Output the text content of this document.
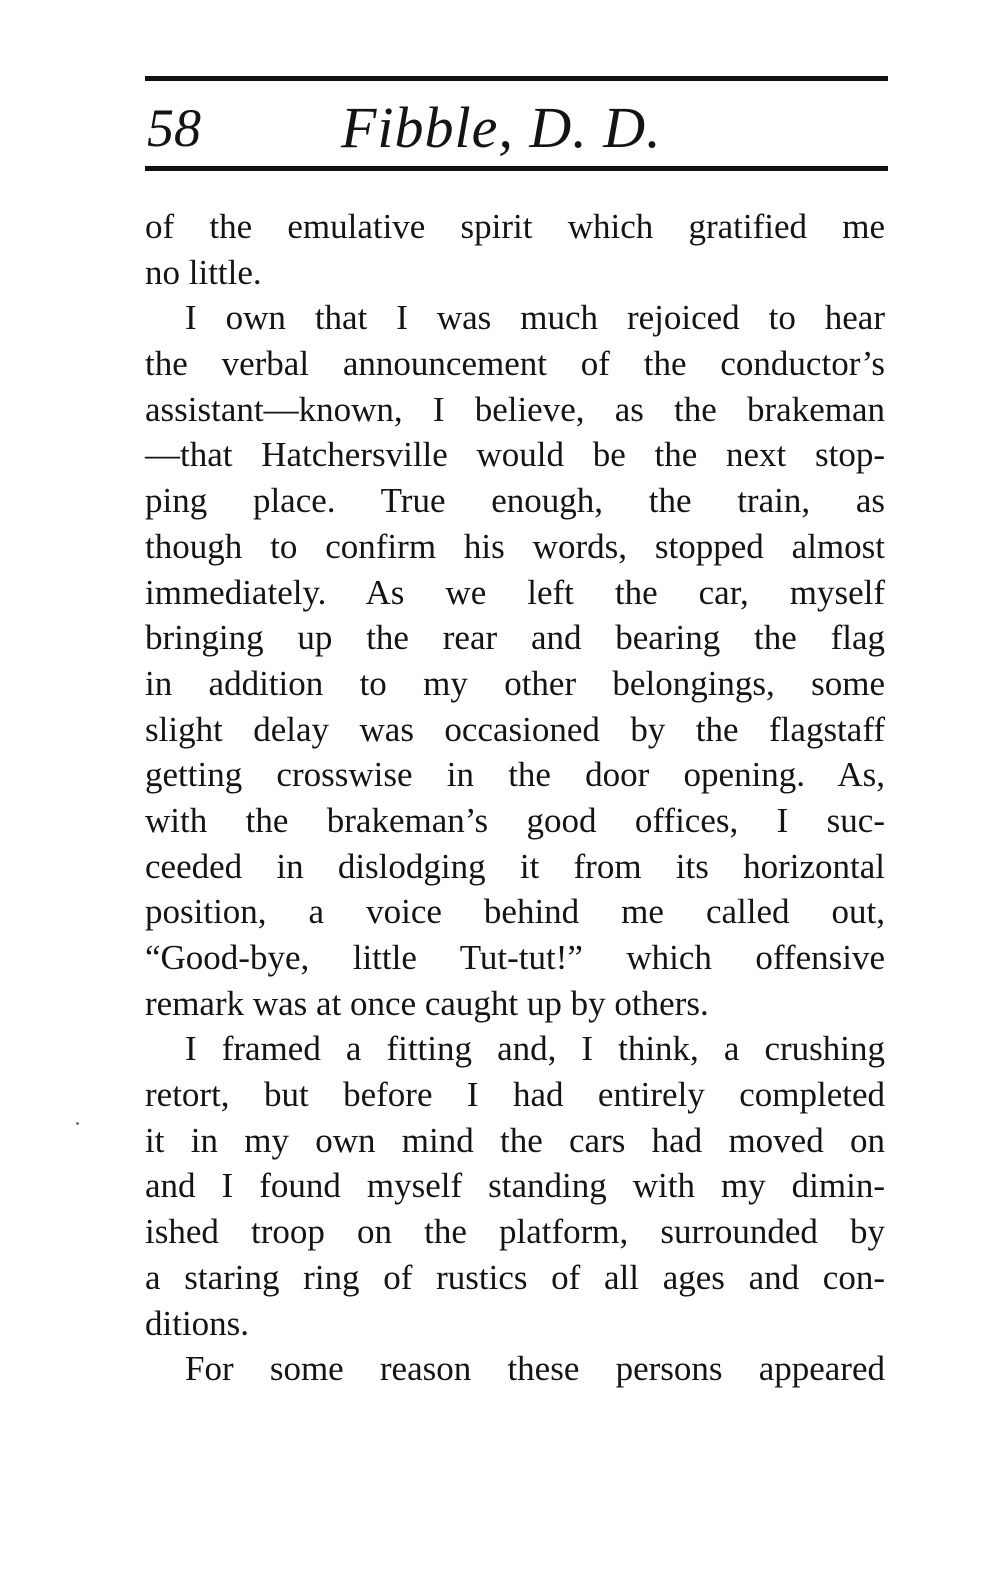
58 Fibble, D. D.

of the emulative spirit which gratified me
no little.

I own that I was much rejoiced to hear
the verbal announcement of the conductor’s
assistant—known, I believe, as the brakeman
—that Hatchersville would be the next stop-
ping place. True enough, the train, as
though to confirm his words, stopped almost
immediately. As we left the car, myself
bringing up the rear and bearing the flag
in addition to my other belongings, some
slight delay was occasioned by the flagstaff
getting crosswise in the door opening. As,
with the brakeman’s good offices, I suc-
ceeded in dislodging it from its horizontal
position, a voice behind me called out,
“Good-bye, little Tut-tut!” which offensive
remark was at once caught up by others.

I framed a fitting and, I think, a crushing
retort, but before I had entirely completed
it in my own mind the cars had moved on
and I found myself standing with my dimin-
ished troop on the platform, surrounded by
a staring ring of rustics of all ages and con-
ditions.

For some reason these persons appeared
